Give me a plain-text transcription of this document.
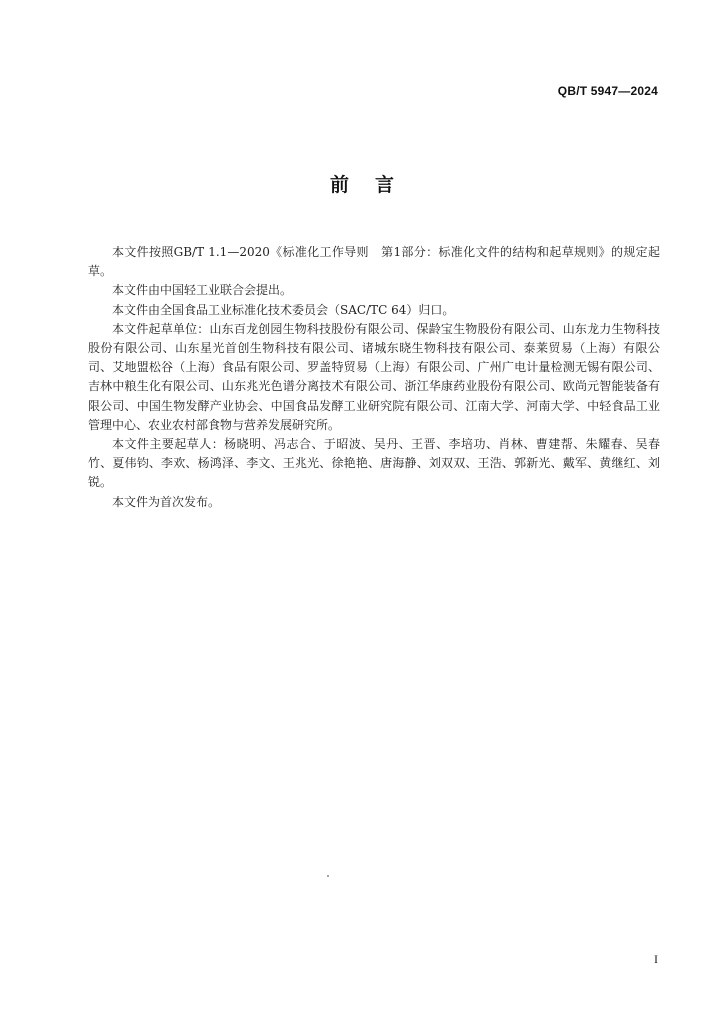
QB/T 5947—2024
前言

本文件按照GB/T 1.1—2020《标准化工作导则　第1部分：标准化文件的结构和起草规则》的规定起草。

本文件由中国轻工业联合会提出。

本文件由全国食品工业标准化技术委员会（SAC/TC 64）归口。

本文件起草单位：山东百龙创园生物科技股份有限公司、保龄宝生物股份有限公司、山东龙力生物科技股份有限公司、山东星光首创生物科技有限公司、诸城东晓生物科技有限公司、泰莱贸易（上海）有限公司、艾地盟松谷（上海）食品有限公司、罗盖特贸易（上海）有限公司、广州广电计量检测无锡有限公司、吉林中粮生化有限公司、山东兆光色谱分离技术有限公司、浙江华康药业股份有限公司、欧尚元智能装备有限公司、中国生物发酵产业协会、中国食品发酵工业研究院有限公司、江南大学、河南大学、中轻食品工业管理中心、农业农村部食物与营养发展研究所。

本文件主要起草人：杨晓明、冯志合、于昭波、吴丹、王晋、李培功、肖林、曹建帮、朱耀春、吴春竹、夏伟钧、李欢、杨鸿泽、李文、王兆光、徐艳艳、唐海静、刘双双、王浩、郭新光、戴军、黄继红、刘锐。

本文件为首次发布。

I
